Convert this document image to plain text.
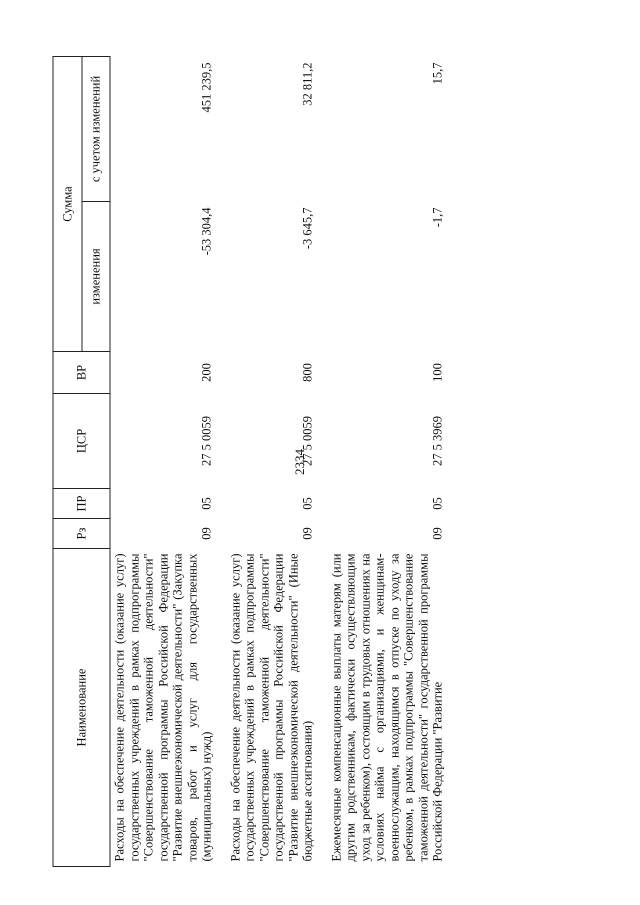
2334
Наименование	Рз	ПР	ЦСР	ВР	Сумма	
					изменения	с учетом изменений
Расходы на обеспечение деятельности (оказание услуг) государственных учреждений в рамках подпрограммы "Совершенствование таможенной деятельности" государственной программы Российской Федерации "Развитие внешнеэкономической деятельности" (Закупка товаров, работ и услуг для государственных (муниципальных) нужд)	09	05	27 5 0059	200	-53 304,4	451 239,5
Расходы на обеспечение деятельности (оказание услуг) государственных учреждений в рамках подпрограммы "Совершенствование таможенной деятельности" государственной программы Российской Федерации "Развитие внешнеэкономической деятельности" (Иные бюджетные ассигнования)	09	05	27 5 0059	800	-3 645,7	32 811,2
Ежемесячные компенсационные выплаты матерям (или другим родственникам, фактически осуществляющим уход за ребенком), состоящим в трудовых отношениях на условиях найма с организациями, и женщинам-военнослужащим, находящимся в отпуске по уходу за ребенком, в рамках подпрограммы "Совершенствование таможенной деятельности" государственной программы Российской Федерации "Развитие	09	05	27 5 3969	100	-1,7	15,7
